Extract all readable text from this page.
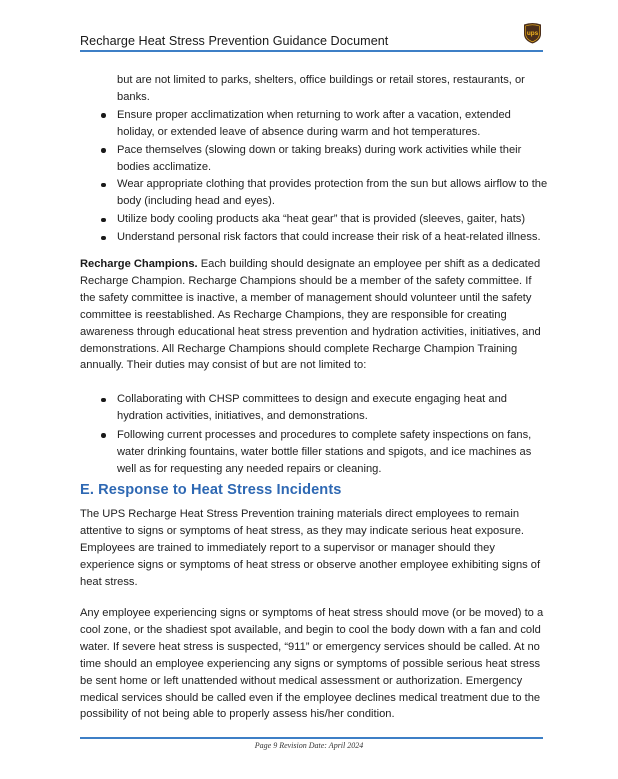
Recharge Heat Stress Prevention Guidance Document
ups
but are not limited to parks, shelters, office buildings or retail stores, restaurants, or banks.
Ensure proper acclimatization when returning to work after a vacation, extended holiday, or extended leave of absence during warm and hot temperatures.
Pace themselves (slowing down or taking breaks) during work activities while their bodies acclimatize.
Wear appropriate clothing that provides protection from the sun but allows airflow to the body (including head and eyes).
Utilize body cooling products aka “heat gear” that is provided (sleeves, gaiter, hats)
Understand personal risk factors that could increase their risk of a heat-related illness.
Recharge Champions. Each building should designate an employee per shift as a dedicated Recharge Champion. Recharge Champions should be a member of the safety committee. If the safety committee is inactive, a member of management should volunteer until the safety committee is reestablished. As Recharge Champions, they are responsible for creating awareness through educational heat stress prevention and hydration activities, initiatives, and demonstrations. All Recharge Champions should complete Recharge Champion Training annually. Their duties may consist of but are not limited to:
Collaborating with CHSP committees to design and execute engaging heat and hydration activities, initiatives, and demonstrations.
Following current processes and procedures to complete safety inspections on fans, water drinking fountains, water bottle filler stations and spigots, and ice machines as well as for requesting any needed repairs or cleaning.
E. Response to Heat Stress Incidents
The UPS Recharge Heat Stress Prevention training materials direct employees to remain attentive to signs or symptoms of heat stress, as they may indicate serious heat exposure. Employees are trained to immediately report to a supervisor or manager should they experience signs or symptoms of heat stress or observe another employee exhibiting signs of heat stress.
Any employee experiencing signs or symptoms of heat stress should move (or be moved) to a cool zone, or the shadiest spot available, and begin to cool the body down with a fan and cold water. If severe heat stress is suspected, “911” or emergency services should be called. At no time should an employee experiencing any signs or symptoms of possible serious heat stress be sent home or left unattended without medical assessment or authorization. Emergency medical services should be called even if the employee declines medical treatment due to the possibility of not being able to properly assess his/her condition.
Page 9 Revision Date: April 2024
